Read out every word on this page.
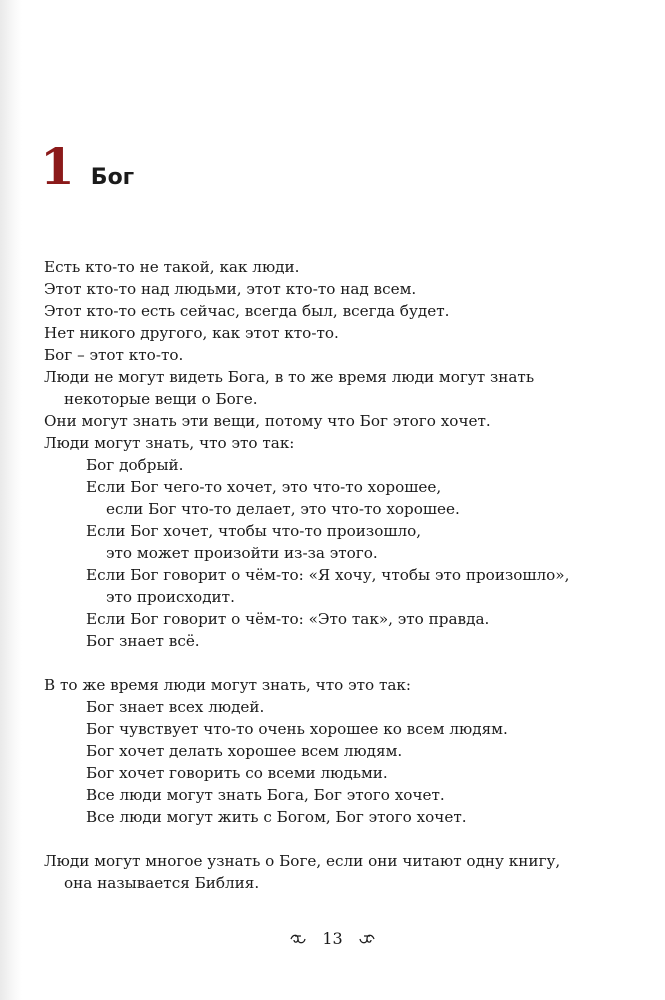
1 Бог
Есть кто-то не такой, как люди.
Этот кто-то над людьми, этот кто-то над всем.
Этот кто-то есть сейчас, всегда был, всегда будет.
Нет никого другого, как этот кто-то.
Бог – этот кто-то.
Люди не могут видеть Бога, в то же время люди могут знать
некоторые вещи о Боге.
Они могут знать эти вещи, потому что Бог этого хочет.
Люди могут знать, что это так:
Бог добрый.
Если Бог чего-то хочет, это что-то хорошее,
если Бог что-то делает, это что-то хорошее.
Если Бог хочет, чтобы что-то произошло,
это может произойти из-за этого.
Если Бог говорит о чём-то: «Я хочу, чтобы это произошло»,
это происходит.
Если Бог говорит о чём-то: «Это так», это правда.
Бог знает всё.
В то же время люди могут знать, что это так:
Бог знает всех людей.
Бог чувствует что-то очень хорошее ко всем людям.
Бог хочет делать хорошее всем людям.
Бог хочет говорить со всеми людьми.
Все люди могут знать Бога, Бог этого хочет.
Все люди могут жить с Богом, Бог этого хочет.
Люди могут многое узнать о Боге, если они читают одну книгу,
она называется Библия.
13
